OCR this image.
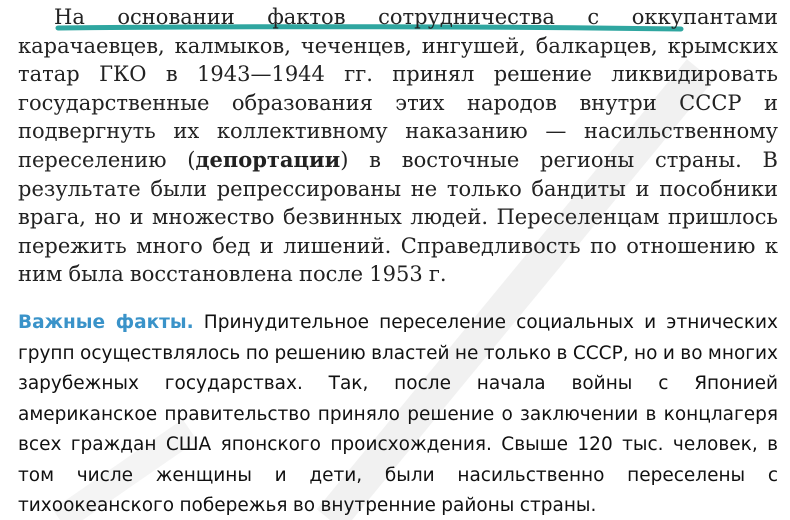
На основании фактов сотрудничества с оккупантами карачаевцев, калмыков, чеченцев, ингушей, балкарцев, крымских татар ГКО в 1943—1944 гг. принял решение ликвидировать государственные образования этих народов внутри СССР и подвергнуть их коллективному наказанию — насильственному переселению (депортации) в восточные регионы страны. В результате были репрессированы не только бандиты и пособники врага, но и множество безвинных людей. Переселенцам пришлось пережить много бед и лишений. Справедливость по отношению к ним была восстановлена после 1953 г.

Важные факты. Принудительное переселение социальных и этнических групп осуществлялось по решению властей не только в СССР, но и во многих зарубежных государствах. Так, после начала войны с Японией американское правительство приняло решение о заключении в концлагеря всех граждан США японского происхождения. Свыше 120 тыс. человек, в том числе женщины и дети, были насильственно переселены с тихоокеанского побережья во внутренние районы страны.
